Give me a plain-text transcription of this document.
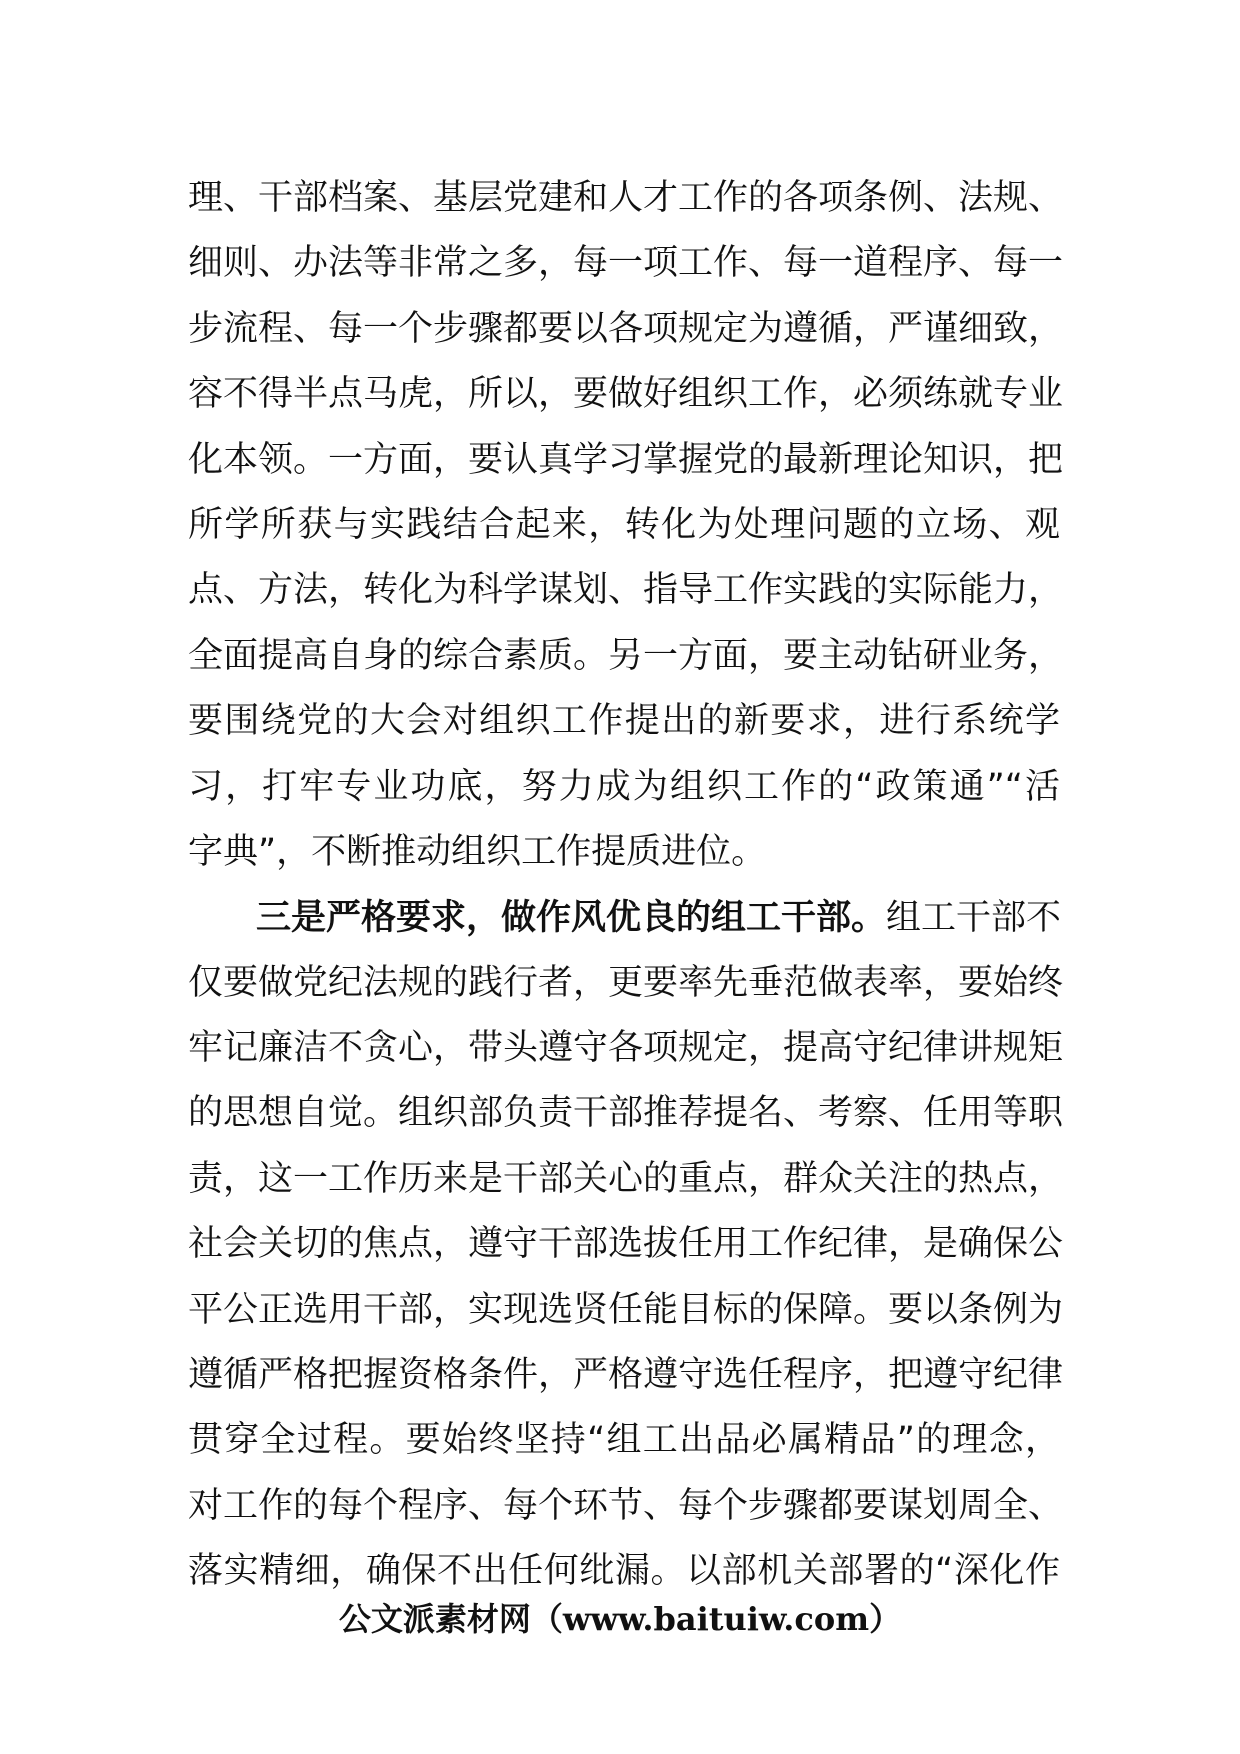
理、干部档案、基层党建和人才工作的各项条例、法规、
细则、办法等非常之多，每一项工作、每一道程序、每一
步流程、每一个步骤都要以各项规定为遵循，严谨细致，
容不得半点马虎，所以，要做好组织工作，必须练就专业
化本领。一方面，要认真学习掌握党的最新理论知识，把
所学所获与实践结合起来，转化为处理问题的立场、观
点、方法，转化为科学谋划、指导工作实践的实际能力，
全面提高自身的综合素质。另一方面，要主动钻研业务，
要围绕党的大会对组织工作提出的新要求，进行系统学
习，打牢专业功底，努力成为组织工作的“政策通”“活
字典”，不断推动组织工作提质进位。
三是严格要求，做作风优良的组工干部。组工干部不
仅要做党纪法规的践行者，更要率先垂范做表率，要始终
牢记廉洁不贪心，带头遵守各项规定，提高守纪律讲规矩
的思想自觉。组织部负责干部推荐提名、考察、任用等职
责，这一工作历来是干部关心的重点，群众关注的热点，
社会关切的焦点，遵守干部选拔任用工作纪律，是确保公
平公正选用干部，实现选贤任能目标的保障。要以条例为
遵循严格把握资格条件，严格遵守选任程序，把遵守纪律
贯穿全过程。要始终坚持“组工出品必属精品”的理念，
对工作的每个程序、每个环节、每个步骤都要谋划周全、
落实精细，确保不出任何纰漏。以部机关部署的“深化作
公文派素材网（www.baituiw.com）
